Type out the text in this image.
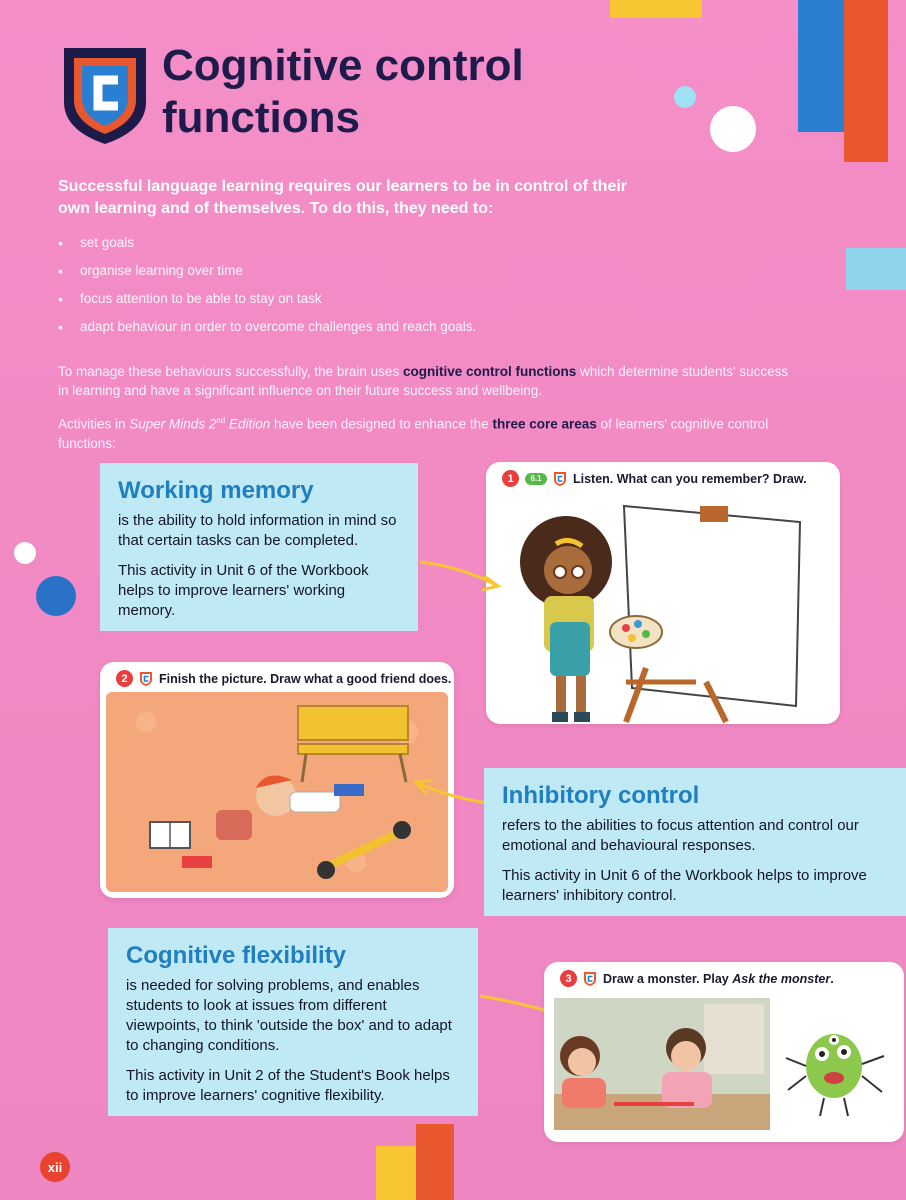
Cognitive control functions
Successful language learning requires our learners to be in control of their own learning and of themselves. To do this, they need to:
• set goals
• organise learning over time
• focus attention to be able to stay on task
• adapt behaviour in order to overcome challenges and reach goals.
To manage these behaviours successfully, the brain uses cognitive control functions which determine students' success in learning and have a significant influence on their future success and wellbeing.
Activities in Super Minds 2nd Edition have been designed to enhance the three core areas of learners' cognitive control functions:
Working memory

is the ability to hold information in mind so that certain tasks can be completed.

This activity in Unit 6 of the Workbook helps to improve learners' working memory.

1	6.1	Listen. What can you remember? Draw.
2	Finish the picture. Draw what a good friend does.
Inhibitory control

refers to the abilities to focus attention and control our emotional and behavioural responses.

This activity in Unit 6 of the Workbook helps to improve learners' inhibitory control.

Cognitive flexibility

is needed for solving problems, and enables students to look at issues from different viewpoints, to think 'outside the box' and to adapt to changing conditions.

This activity in Unit 2 of the Student's Book helps to improve learners' cognitive flexibility.

3	Draw a monster. Play Ask the monster.
xii
